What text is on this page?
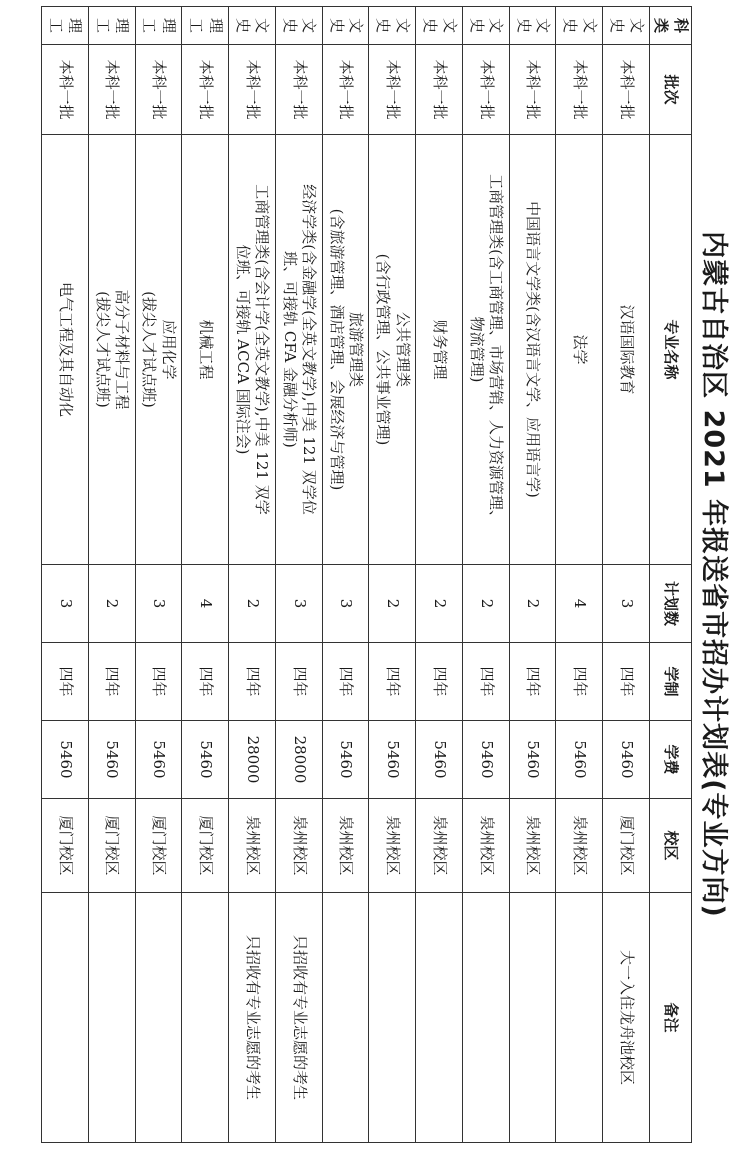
内蒙古自治区 2021 年报送省市招办计划表(专业方向)
科类	批次	专业名称	计划数	学制	学费	校区	备注
文史	本科一批	汉语国际教育	3	四年	5460	厦门校区	大一入住龙舟池校区
文史	本科一批	法学	4	四年	5460	泉州校区	
文史	本科一批	中国语言文学类(含汉语言文学、应用语言学)	2	四年	5460	泉州校区	
文史	本科一批	工商管理类(含工商管理、市场营销、人力资源管理、
物流管理)	2	四年	5460	泉州校区	
文史	本科一批	财务管理	2	四年	5460	泉州校区	
文史	本科一批	公共管理类
(含行政管理、公共事业管理)	2	四年	5460	泉州校区	
文史	本科一批	旅游管理类
(含旅游管理、酒店管理、会展经济与管理)	3	四年	5460	泉州校区	
文史	本科一批	经济学类(含金融学(全英文教学),中美 121 双学位
班、可接轨 CFA 金融分析师)	3	四年	28000	泉州校区	只招收有专业志愿的考生
文史	本科一批	工商管理类(含会计学(全英文教学),中美 121 双学
位班、可接轨 ACCA 国际注会)	2	四年	28000	泉州校区	只招收有专业志愿的考生
理工	本科一批	机械工程	4	四年	5460	厦门校区	
理工	本科一批	应用化学
(拔尖人才试点班)	3	四年	5460	厦门校区	
理工	本科一批	高分子材料与工程
(拔尖人才试点班)	2	四年	5460	厦门校区	
理工	本科一批	电气工程及其自动化	3	四年	5460	厦门校区	
